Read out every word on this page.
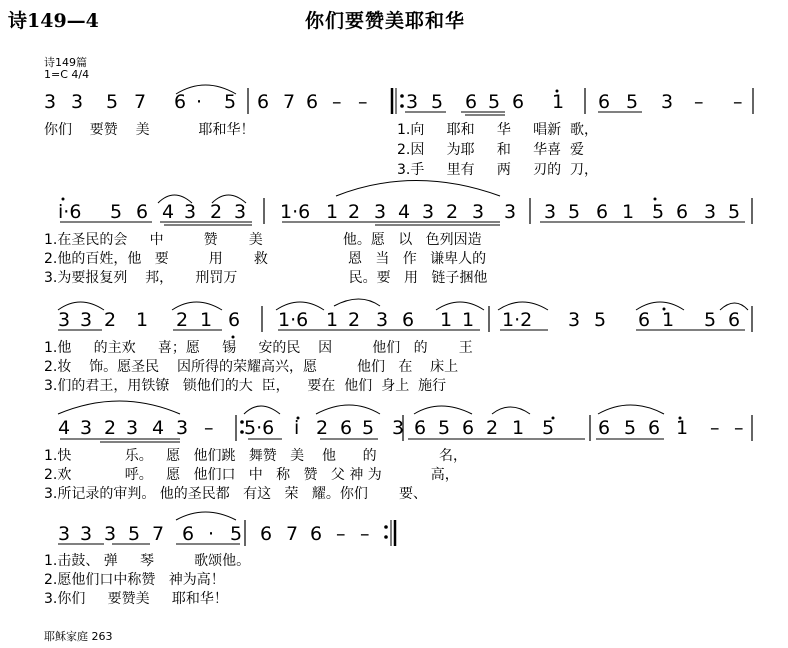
诗149—4	你们要赞美耶和华
诗149篇
1=C 4/4
3 3 5 7 6 · 5 6 7 6 – – 3 5 6 5 6 1 6 5 3 – –
你们    要赞    美           耶和华！	1.向     耶和     华     唱新  歌，
2.因     为耶     和     华喜  爱
3.手     里有     两     刃的  刀，
i·6 5 6 4 3 2 3 1·6 1 2 3 4 3 2 3 3 3 5 6 1 5 6 3 5
1.在圣民的会     中         赞       美                  他。愿   以   色列因造
2.他的百姓，他   要         用       救                  恩   当   作   谦卑人的
3.为要报复列    邦，     刑罚万                         民。要   用   链子捆他
3 3 2 1 2 1 6 1·6 1 2 3 6 1 1 1·2 3 5 6 1 5 6
1.他     的主欢     喜；愿     锡     安的民    因         他们   的       王
2.妆    饰。愿圣民    因所得的荣耀高兴，愿         他们   在    床上
3.们的君王，用铁镣   锁他们的大  臣，    要在  他们  身上  施行
4 3 2 3 4 3 – 5·6 i 2 6 5 3 6 5 6 2 1 5 6 5 6 1 – –
1.快            乐。   愿   他们跳   舞赞   美    他      的              名，
2.欢            呼。   愿   他们口   中   称   赞   父 神 为           高，
3.所记录的审判。 他的圣民都   有这   荣   耀。你们       要、
3 3 3 5 7 6 · 5 6 7 6 – –
1.击鼓、 弹     琴         歌颂他。
2.愿他们口中称赞   神为高！
3.你们     要赞美     耶和华！
耶稣家庭 263
